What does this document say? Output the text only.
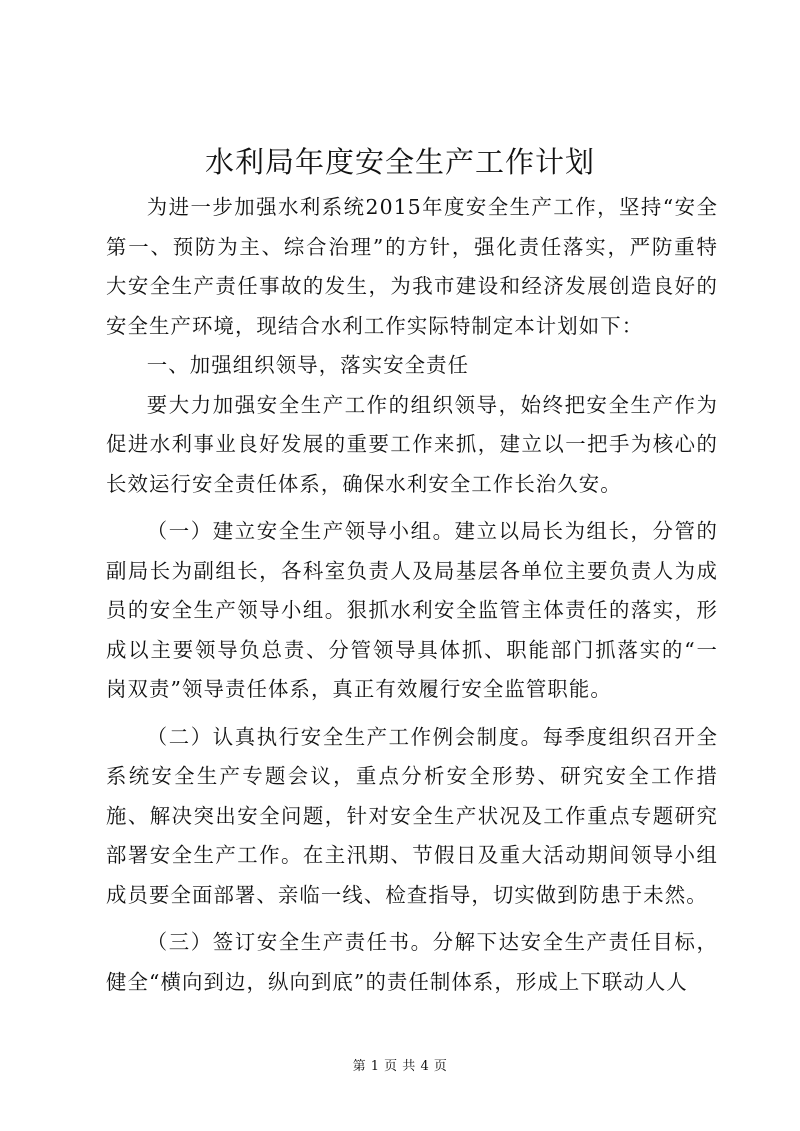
水利局年度安全生产工作计划

为进一步加强水利系统2015年度安全生产工作，坚持“安全第一、预防为主、综合治理”的方针，强化责任落实，严防重特大安全生产责任事故的发生，为我市建设和经济发展创造良好的安全生产环境，现结合水利工作实际特制定本计划如下：

一、加强组织领导，落实安全责任

要大力加强安全生产工作的组织领导，始终把安全生产作为促进水利事业良好发展的重要工作来抓，建立以一把手为核心的长效运行安全责任体系，确保水利安全工作长治久安。

（一）建立安全生产领导小组。建立以局长为组长，分管的副局长为副组长，各科室负责人及局基层各单位主要负责人为成员的安全生产领导小组。狠抓水利安全监管主体责任的落实，形成以主要领导负总责、分管领导具体抓、职能部门抓落实的“一岗双责”领导责任体系，真正有效履行安全监管职能。

（二）认真执行安全生产工作例会制度。每季度组织召开全系统安全生产专题会议，重点分析安全形势、研究安全工作措施、解决突出安全问题，针对安全生产状况及工作重点专题研究部署安全生产工作。在主汛期、节假日及重大活动期间领导小组成员要全面部署、亲临一线、检查指导，切实做到防患于未然。

（三）签订安全生产责任书。分解下达安全生产责任目标，健全“横向到边，纵向到底”的责任制体系，形成上下联动人人

第 1 页 共 4 页
